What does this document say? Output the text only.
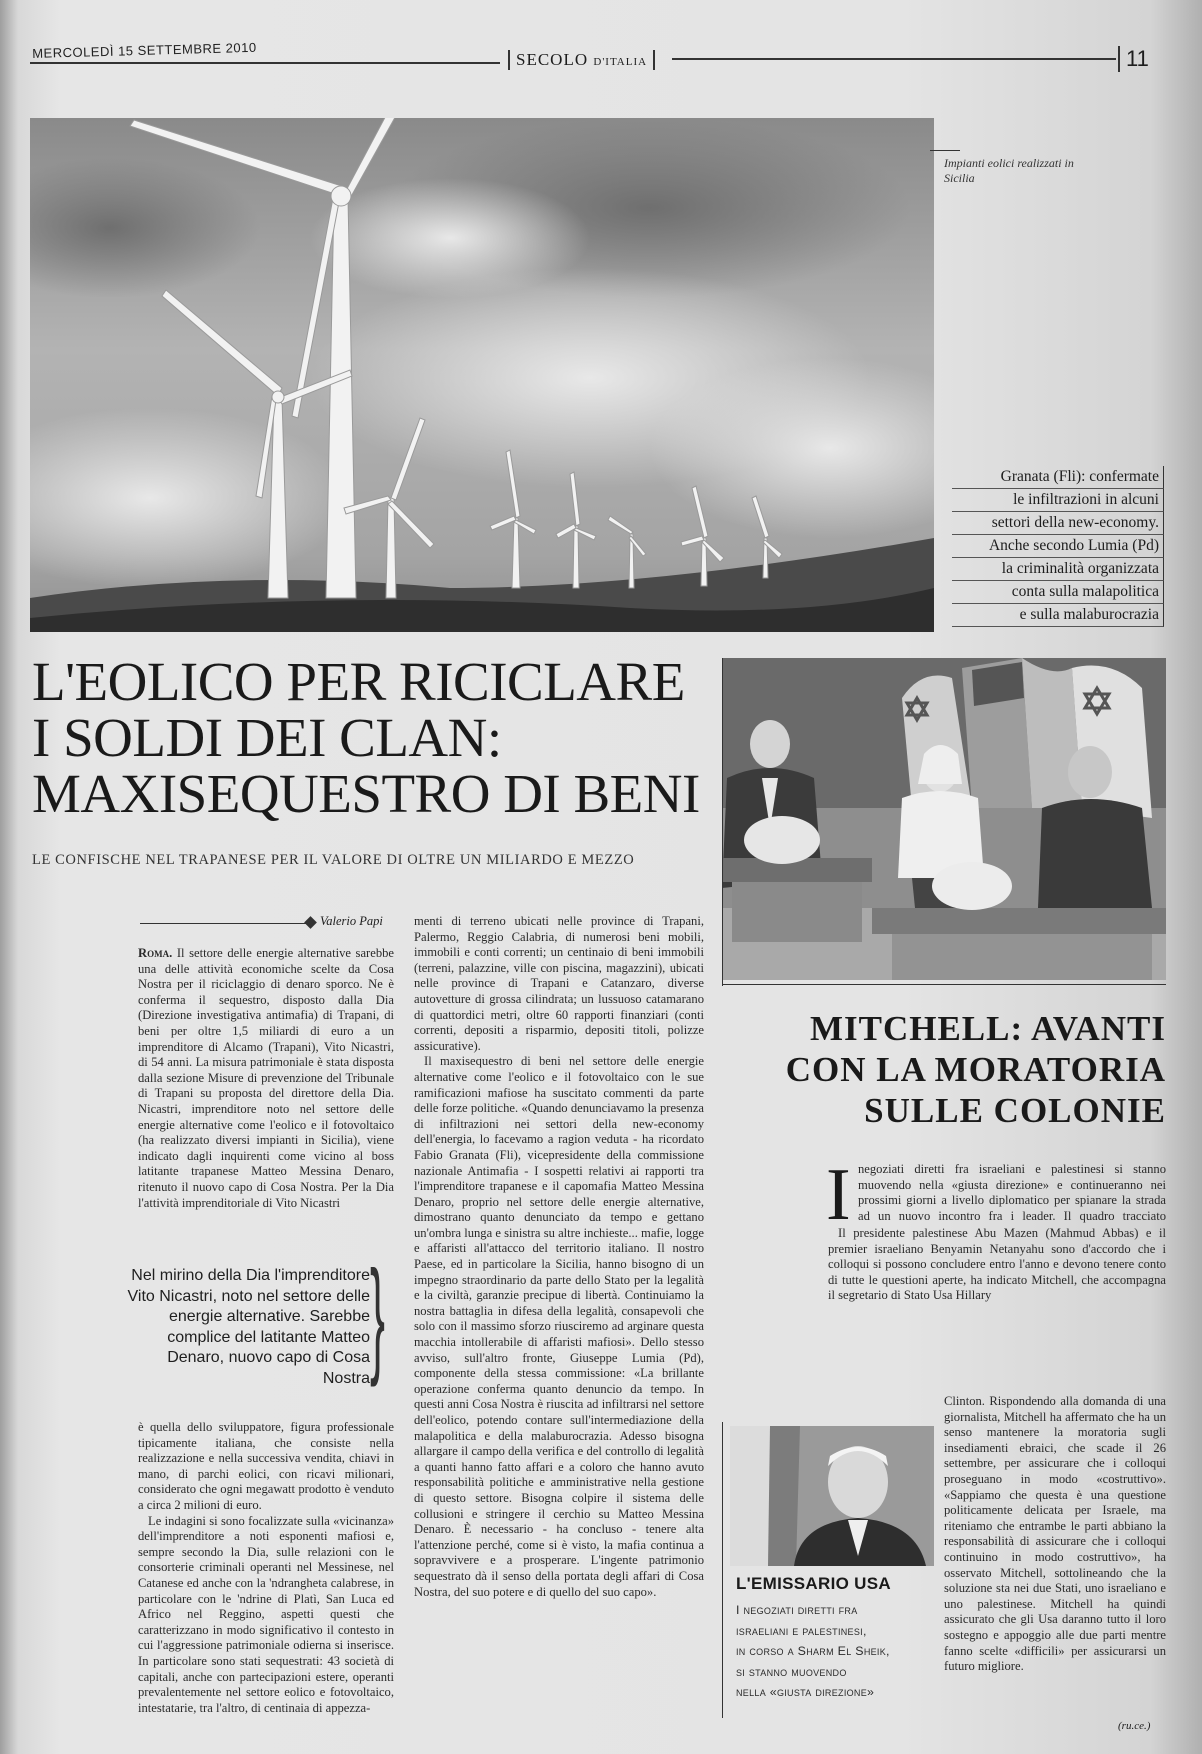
MERCOLEDÌ 15 SETTEMBRE 2010	SECOLO D'ITALIA	11
Impianti eolici realizzati in Sicilia
Granata (Fli): confermate
le infiltrazioni in alcuni
settori della new-economy.
Anche secondo Lumia (Pd)
la criminalità organizzata
conta sulla malapolitica
e sulla malaburocrazia
L'EOLICO PER RICICLARE
I SOLDI DEI CLAN:
MAXISEQUESTRO DI BENI
LE CONFISCHE NEL TRAPANESE PER IL VALORE DI OLTRE UN MILIARDO E MEZZO
Valerio Papi

Roma. Il settore delle energie alternative sarebbe una delle attività economiche scelte da Cosa Nostra per il riciclaggio di denaro sporco. Ne è conferma il sequestro, disposto dalla Dia (Direzione investigativa antimafia) di Trapani, di beni per oltre 1,5 miliardi di euro a un imprenditore di Alcamo (Trapani), Vito Nicastri, di 54 anni. La misura patrimoniale è stata disposta dalla sezione Misure di prevenzione del Tribunale di Trapani su proposta del direttore della Dia. Nicastri, imprenditore noto nel settore delle energie alternative come l'eolico e il fotovoltaico (ha realizzato diversi impianti in Sicilia), viene indicato dagli inquirenti come vicino al boss latitante trapanese Matteo Messina Denaro, ritenuto il nuovo capo di Cosa Nostra. Per la Dia l'attività imprenditoriale di Vito Nicastri

Nel mirino della Dia l'imprenditore Vito Nicastri, noto nel settore delle energie alternative. Sarebbe complice del latitante Matteo Denaro, nuovo capo di Cosa Nostra }

è quella dello sviluppatore, figura professionale tipicamente italiana, che consiste nella realizzazione e nella successiva vendita, chiavi in mano, di parchi eolici, con ricavi milionari, considerato che ogni megawatt prodotto è venduto a circa 2 milioni di euro.

Le indagini si sono focalizzate sulla «vicinanza» dell'imprenditore a noti esponenti mafiosi e, sempre secondo la Dia, sulle relazioni con le consorterie criminali operanti nel Messinese, nel Catanese ed anche con la 'ndrangheta calabrese, in particolare con le 'ndrine di Platì, San Luca ed Africo nel Reggino, aspetti questi che caratterizzano in modo significativo il contesto in cui l'aggressione patrimoniale odierna si inserisce. In particolare sono stati sequestrati: 43 società di capitali, anche con partecipazioni estere, operanti prevalentemente nel settore eolico e fotovoltaico, intestatarie, tra l'altro, di centinaia di appezza-

menti di terreno ubicati nelle province di Trapani, Palermo, Reggio Calabria, di numerosi beni mobili, immobili e conti correnti; un centinaio di beni immobili (terreni, palazzine, ville con piscina, magazzini), ubicati nelle province di Trapani e Catanzaro, diverse autovetture di grossa cilindrata; un lussuoso catamarano di quattordici metri, oltre 60 rapporti finanziari (conti correnti, depositi a risparmio, depositi titoli, polizze assicurative).

Il maxisequestro di beni nel settore delle energie alternative come l'eolico e il fotovoltaico con le sue ramificazioni mafiose ha suscitato commenti da parte delle forze politiche. «Quando denunciavamo la presenza di infiltrazioni nei settori della new-economy dell'energia, lo facevamo a ragion veduta - ha ricordato Fabio Granata (Fli), vicepresidente della commissione nazionale Antimafia - I sospetti relativi ai rapporti tra l'imprenditore trapanese e il capomafia Matteo Messina Denaro, proprio nel settore delle energie alternative, dimostrano quanto denunciato da tempo e gettano un'ombra lunga e sinistra su altre inchieste... mafie, logge e affaristi all'attacco del territorio italiano. Il nostro Paese, ed in particolare la Sicilia, hanno bisogno di un impegno straordinario da parte dello Stato per la legalità e la civiltà, garanzie precipue di libertà. Continuiamo la nostra battaglia in difesa della legalità, consapevoli che solo con il massimo sforzo riusciremo ad arginare questa macchia intollerabile di affaristi mafiosi». Dello stesso avviso, sull'altro fronte, Giuseppe Lumia (Pd), componente della stessa commissione: «La brillante operazione conferma quanto denuncio da tempo. In questi anni Cosa Nostra è riuscita ad infiltrarsi nel settore dell'eolico, potendo contare sull'intermediazione della malapolitica e della malaburocrazia. Adesso bisogna allargare il campo della verifica e del controllo di legalità a quanti hanno fatto affari e a coloro che hanno avuto responsabilità politiche e amministrative nella gestione di questo settore. Bisogna colpire il sistema delle collusioni e stringere il cerchio su Matteo Messina Denaro. È necessario - ha concluso - tenere alta l'attenzione perché, come si è visto, la mafia continua a sopravvivere e a prosperare. L'ingente patrimonio sequestrato dà il senso della portata degli affari di Cosa Nostra, del suo potere e di quello del suo capo».

MITCHELL: AVANTI
CON LA MORATORIA
SULLE COLONIE
I negoziati diretti fra israeliani e palestinesi si stanno muovendo nella «giusta direzione» e continueranno nei prossimi giorni a livello diplomatico per spianare la strada ad un nuovo incontro fra i leader. Il quadro tracciato

Il presidente palestinese Abu Mazen (Mahmud Abbas) e il premier israeliano Benyamin Netanyahu sono d'accordo che i colloqui si possono concludere entro l'anno e devono tenere conto di tutte le questioni aperte, ha indicato Mitchell, che accompagna il segretario di Stato Usa Hillary

Clinton. Rispondendo alla domanda di una giornalista, Mitchell ha affermato che ha un senso mantenere la moratoria sugli insediamenti ebraici, che scade il 26 settembre, per assicurare che i colloqui proseguano in modo «costruttivo». «Sappiamo che questa è una questione politicamente delicata per Israele, ma riteniamo che entrambe le parti abbiano la responsabilità di assicurare che i colloqui continuino in modo costruttivo», ha osservato Mitchell, sottolineando che la soluzione sta nei due Stati, uno israeliano e uno palestinese. Mitchell ha quindi assicurato che gli Usa daranno tutto il loro sostegno e appoggio alle due parti mentre fanno scelte «difficili» per assicurarsi un futuro migliore.

(ru.ce.)
L'EMISSARIO USA
I negoziati diretti fra
israeliani e palestinesi,
in corso a Sharm El Sheik,
si stanno muovendo
nella «giusta direzione»
